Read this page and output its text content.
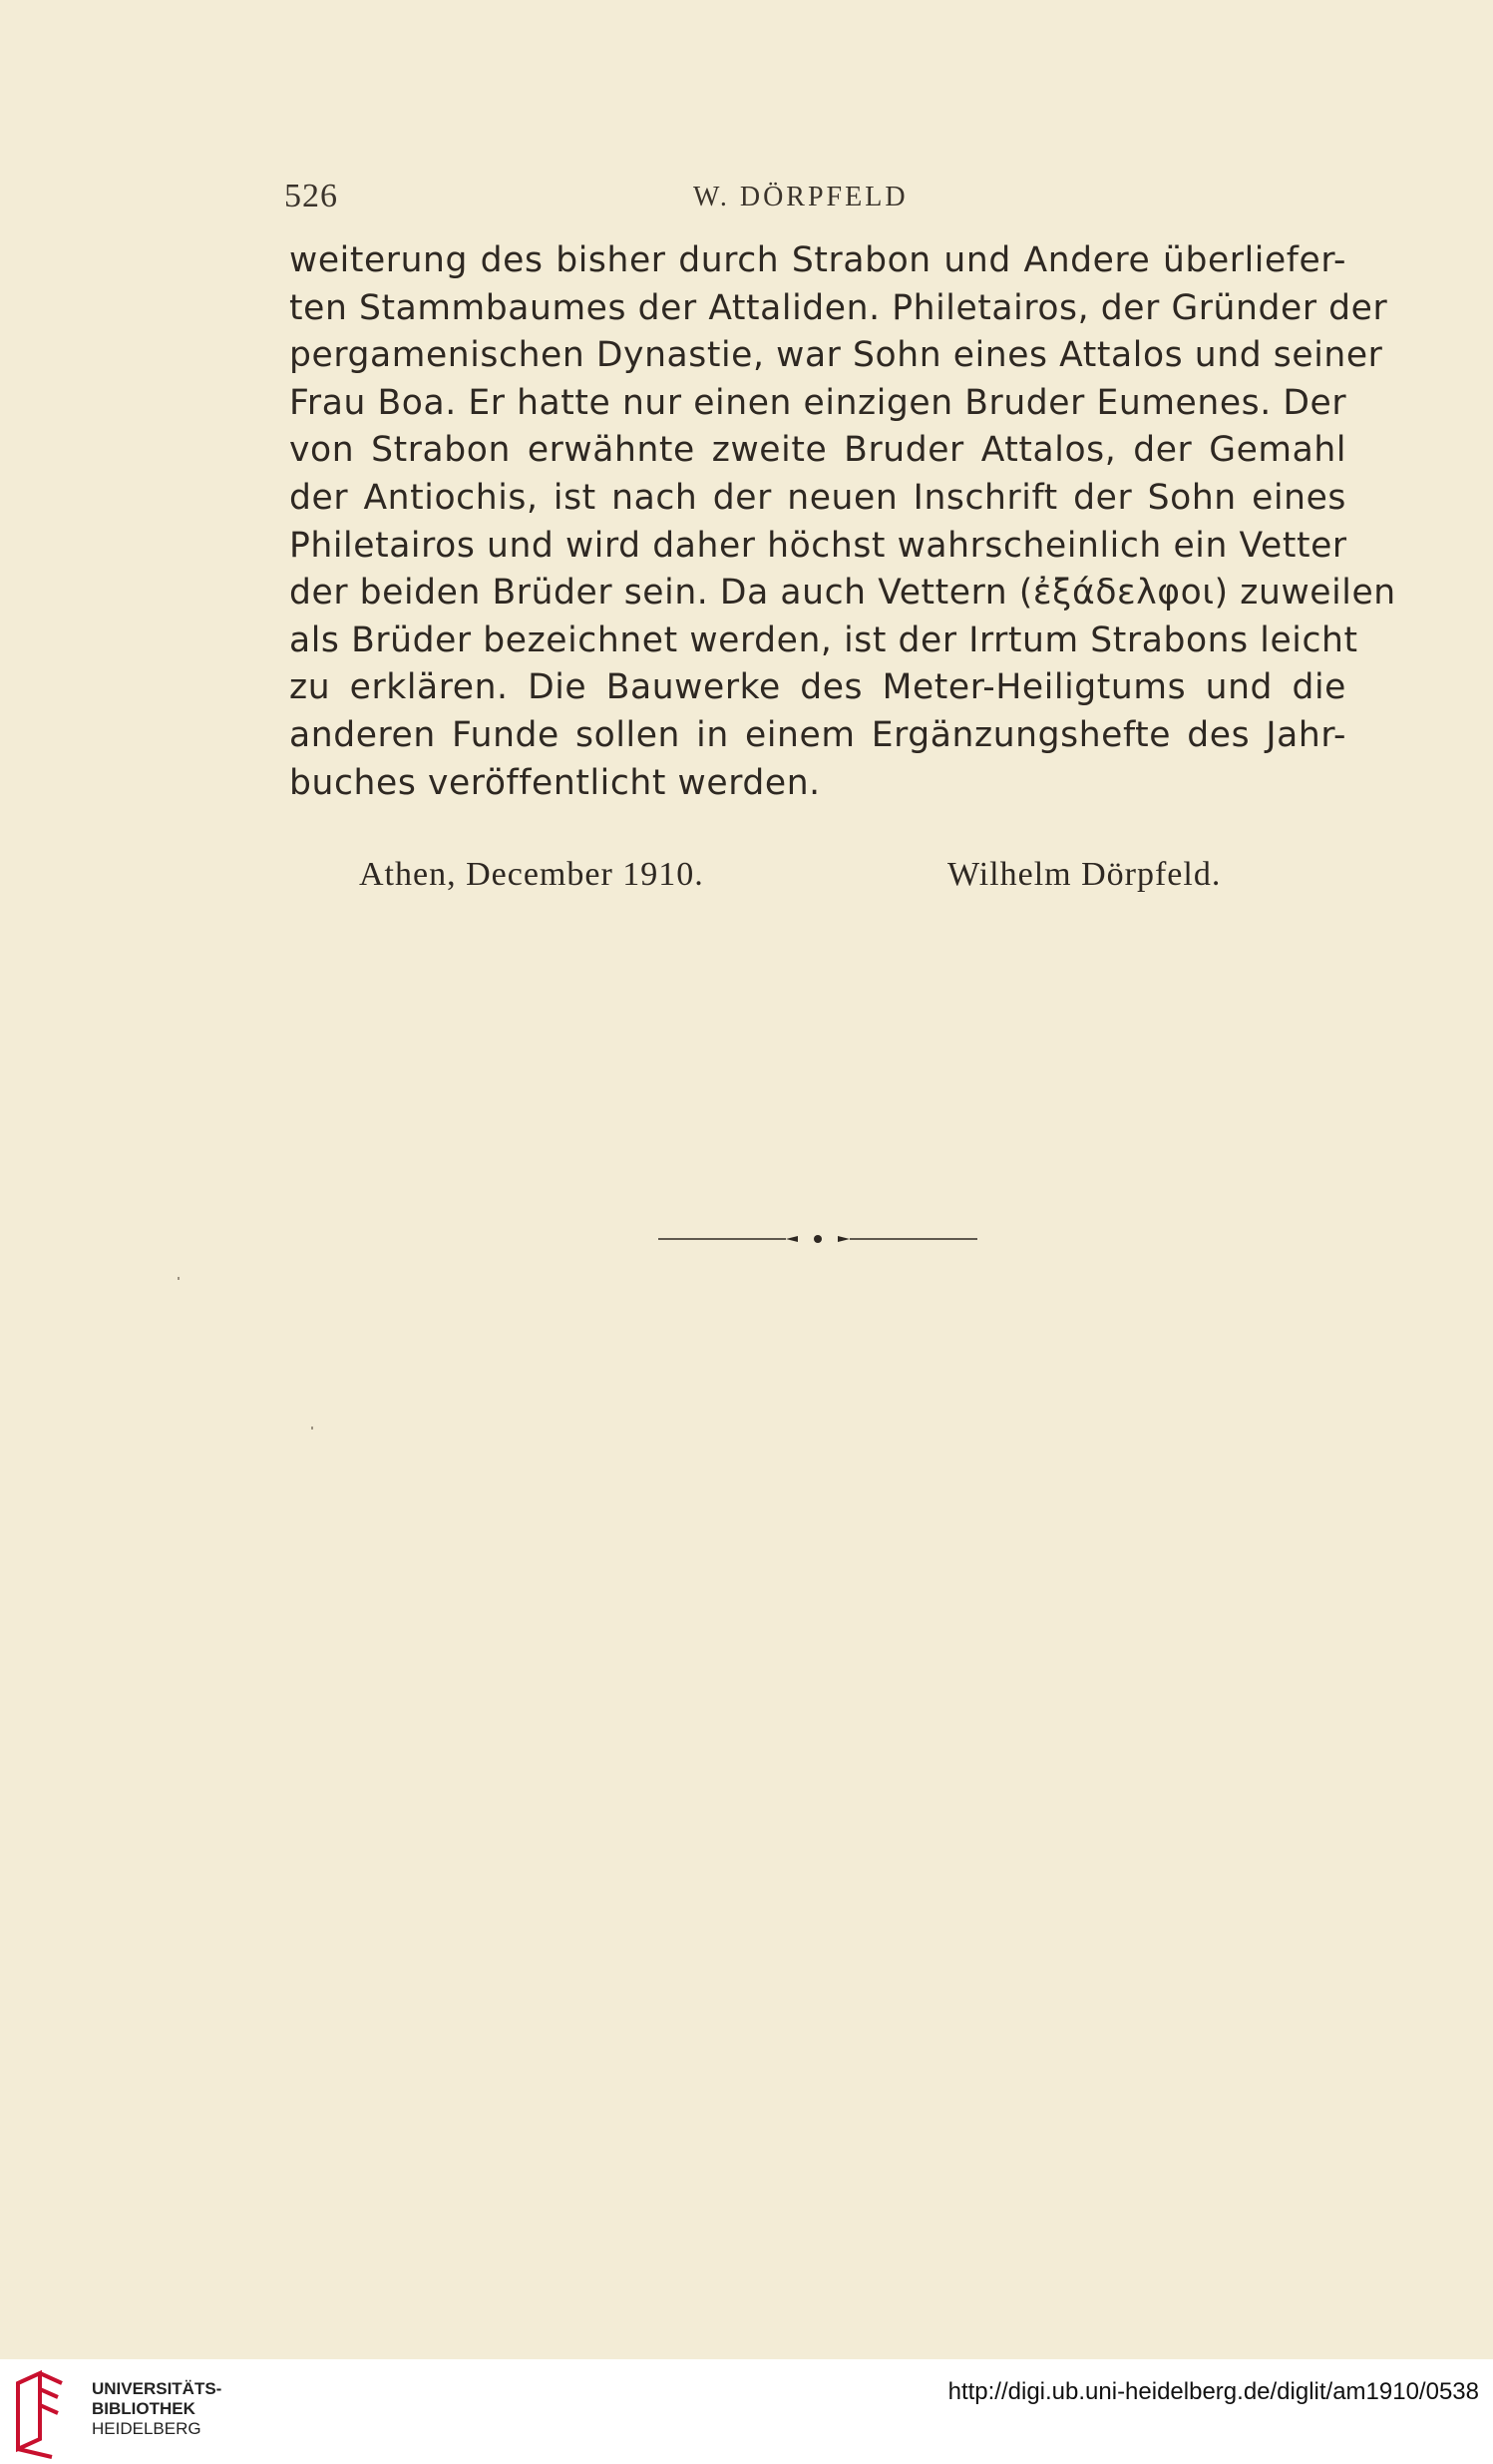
526	W. DÖRPFELD

weiterung des bisher durch Strabon und Andere überliefer-
ten Stammbaumes der Attaliden. Philetairos, der Gründer der
pergamenischen Dynastie, war Sohn eines Attalos und seiner
Frau Boa. Er hatte nur einen einzigen Bruder Eumenes. Der
von Strabon erwähnte zweite Bruder Attalos, der Gemahl
der Antiochis, ist nach der neuen Inschrift der Sohn eines
Philetairos und wird daher höchst wahrscheinlich ein Vetter
der beiden Brüder sein. Da auch Vettern (ἐξάδελφοι) zuweilen
als Brüder bezeichnet werden, ist der Irrtum Strabons leicht
zu erklären. Die Bauwerke des Meter-Heiligtums und die
anderen Funde sollen in einem Ergänzungshefte des Jahr-
buches veröffentlicht werden.

Athen, December 1910.	Wilhelm Dörpfeld.
UNIVERSITÄTS-
BIBLIOTHEK
HEIDELBERG
http://digi.ub.uni-heidelberg.de/diglit/am1910/0538
